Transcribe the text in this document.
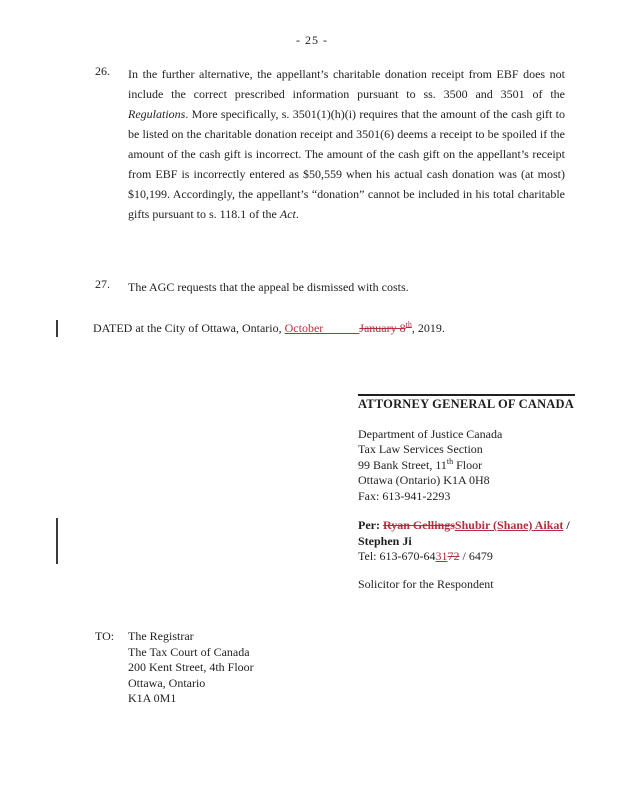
- 25 -
26. In the further alternative, the appellant’s charitable donation receipt from EBF does not include the correct prescribed information pursuant to ss. 3500 and 3501 of the Regulations. More specifically, s. 3501(1)(h)(i) requires that the amount of the cash gift to be listed on the charitable donation receipt and 3501(6) deems a receipt to be spoiled if the amount of the cash gift is incorrect. The amount of the cash gift on the appellant’s receipt from EBF is incorrectly entered as $50,559 when his actual cash donation was (at most) $10,199. Accordingly, the appellant’s “donation” cannot be included in his total charitable gifts pursuant to s. 118.1 of the Act.
27. The AGC requests that the appeal be dismissed with costs.
DATED at the City of Ottawa, Ontario, October            January 8th, 2019.
ATTORNEY GENERAL OF CANADA
Department of Justice Canada
Tax Law Services Section
99 Bank Street, 11th Floor
Ottawa (Ontario) K1A 0H8
Fax: 613-941-2293
Per: Ryan GellingsShubir (Shane) Aikat / Stephen Ji
Tel: 613-670-643172 / 6479
Solicitor for the Respondent
TO: The Registrar
The Tax Court of Canada
200 Kent Street, 4th Floor
Ottawa, Ontario
K1A 0M1
